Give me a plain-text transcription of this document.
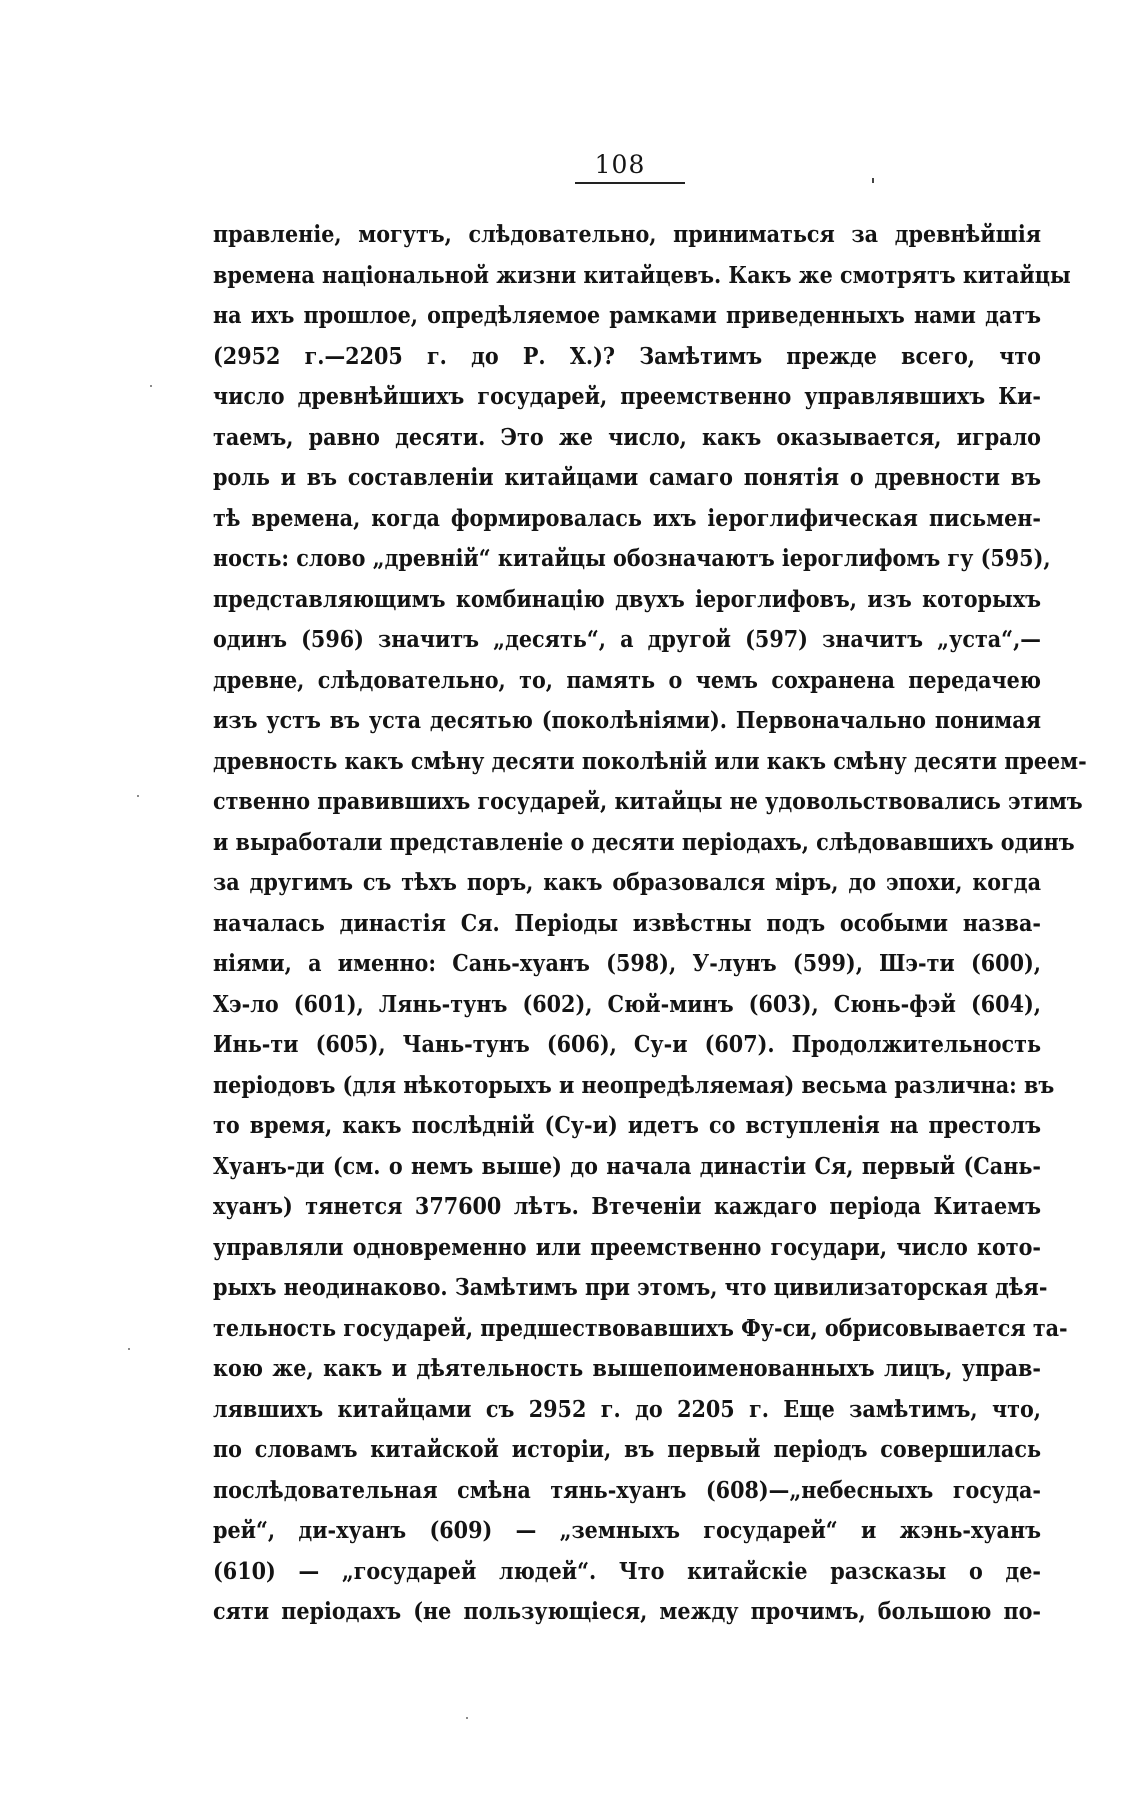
108
правленіе, могутъ, слѣдовательно, приниматься за древнѣйшія
времена національной жизни китайцевъ. Какъ же смотрятъ китайцы
на ихъ прошлое, опредѣляемое рамками приведенныхъ нами датъ
(2952 г.—2205 г. до Р. Х.)? Замѣтимъ прежде всего, что
число древнѣйшихъ государей, преемственно управлявшихъ Ки-
таемъ, равно десяти. Это же число, какъ оказывается, играло
роль и въ составленіи китайцами самаго понятія о древности въ
тѣ времена, когда формировалась ихъ іероглифическая письмен-
ность: слово „древній“ китайцы обозначаютъ іероглифомъ гу (595),
представляющимъ комбинацію двухъ іероглифовъ, изъ которыхъ
одинъ (596) значитъ „десять“, а другой (597) значитъ „уста“,—
древне, слѣдовательно, то, память о чемъ сохранена передачею
изъ устъ въ уста десятью (поколѣніями). Первоначально понимая
древность какъ смѣну десяти поколѣній или какъ смѣну десяти преем-
ственно правившихъ государей, китайцы не удовольствовались этимъ
и выработали представленіе о десяти періодахъ, слѣдовавшихъ одинъ
за другимъ съ тѣхъ поръ, какъ образовался міръ, до эпохи, когда
началась династія Ся. Періоды извѣстны подъ особыми назва-
ніями, а именно: Сань-хуанъ (598), У-лунъ (599), Шэ-ти (600),
Хэ-ло (601), Лянь-тунъ (602), Сюй-минъ (603), Сюнь-фэй (604),
Инь-ти (605), Чань-тунъ (606), Су-и (607). Продолжительность
періодовъ (для нѣкоторыхъ и неопредѣляемая) весьма различна: въ
то время, какъ послѣдній (Су-и) идетъ со вступленія на престолъ
Хуанъ-ди (см. о немъ выше) до начала династіи Ся, первый (Сань-
хуанъ) тянется 377600 лѣтъ. Втеченіи каждаго періода Китаемъ
управляли одновременно или преемственно государи, число кото-
рыхъ неодинаково. Замѣтимъ при этомъ, что цивилизаторская дѣя-
тельность государей, предшествовавшихъ Фу-си, обрисовывается та-
кою же, какъ и дѣятельность вышепоименованныхъ лицъ, управ-
лявшихъ китайцами съ 2952 г. до 2205 г. Еще замѣтимъ, что,
по словамъ китайской исторіи, въ первый періодъ совершилась
послѣдовательная смѣна тянь-хуанъ (608)—„небесныхъ госуда-
рей“, ди-хуанъ (609) — „земныхъ государей“ и жэнь-хуанъ
(610) — „государей людей“. Что китайскіе разсказы о де-
сяти періодахъ (не пользующіеся, между прочимъ, большою по-
